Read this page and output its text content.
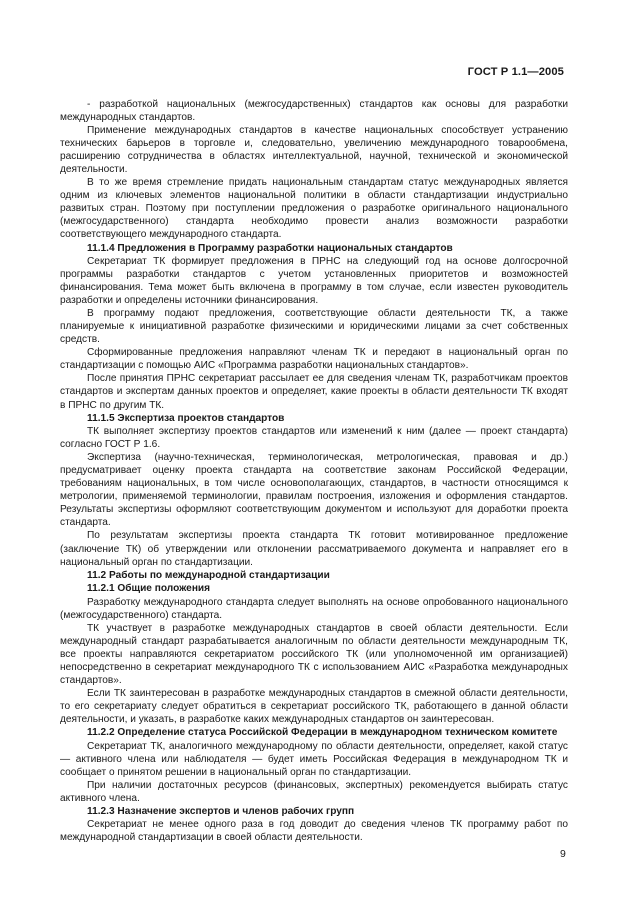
ГОСТ Р 1.1—2005

- разработкой национальных (межгосударственных) стандартов как основы для разработки международных стандартов.

Применение международных стандартов в качестве национальных способствует устранению технических барьеров в торговле и, следовательно, увеличению международного товарообмена, расширению сотрудничества в областях интеллектуальной, научной, технической и экономической деятельности.

В то же время стремление придать национальным стандартам статус международных является одним из ключевых элементов национальной политики в области стандартизации индустриально развитых стран. Поэтому при поступлении предложения о разработке оригинального национального (межгосударственного) стандарта необходимо провести анализ возможности разработки соответствующего международного стандарта.

11.1.4 Предложения в Программу разработки национальных стандартов

Секретариат ТК формирует предложения в ПРНС на следующий год на основе долгосрочной программы разработки стандартов с учетом установленных приоритетов и возможностей финансирования. Тема может быть включена в программу в том случае, если известен руководитель разработки и определены источники финансирования.

В программу подают предложения, соответствующие области деятельности ТК, а также планируемые к инициативной разработке физическими и юридическими лицами за счет собственных средств.

Сформированные предложения направляют членам ТК и передают в национальный орган по стандартизации с помощью АИС «Программа разработки национальных стандартов».

После принятия ПРНС секретариат рассылает ее для сведения членам ТК, разработчикам проектов стандартов и экспертам данных проектов и определяет, какие проекты в области деятельности ТК входят в ПРНС по другим ТК.

11.1.5 Экспертиза проектов стандартов

ТК выполняет экспертизу проектов стандартов или изменений к ним (далее — проект стандарта) согласно ГОСТ Р 1.6.

Экспертиза (научно-техническая, терминологическая, метрологическая, правовая и др.) предусматривает оценку проекта стандарта на соответствие законам Российской Федерации, требованиям национальных, в том числе основополагающих, стандартов, в частности относящимся к метрологии, применяемой терминологии, правилам построения, изложения и оформления стандартов. Результаты экспертизы оформляют соответствующим документом и используют для доработки проекта стандарта.

По результатам экспертизы проекта стандарта ТК готовит мотивированное предложение (заключение ТК) об утверждении или отклонении рассматриваемого документа и направляет его в национальный орган по стандартизации.

11.2 Работы по международной стандартизации
11.2.1 Общие положения

Разработку международного стандарта следует выполнять на основе опробованного национального (межгосударственного) стандарта.

ТК участвует в разработке международных стандартов в своей области деятельности. Если международный стандарт разрабатывается аналогичным по области деятельности международным ТК, все проекты направляются секретариатом российского ТК (или уполномоченной им организацией) непосредственно в секретариат международного ТК с использованием АИС «Разработка международных стандартов».

Если ТК заинтересован в разработке международных стандартов в смежной области деятельности, то его секретариату следует обратиться в секретариат российского ТК, работающего в данной области деятельности, и указать, в разработке каких международных стандартов он заинтересован.

11.2.2 Определение статуса Российской Федерации в международном техническом комитете

Секретариат ТК, аналогичного международному по области деятельности, определяет, какой статус — активного члена или наблюдателя — будет иметь Российская Федерация в международном ТК и сообщает о принятом решении в национальный орган по стандартизации.

При наличии достаточных ресурсов (финансовых, экспертных) рекомендуется выбирать статус активного члена.

11.2.3 Назначение экспертов и членов рабочих групп

Секретариат не менее одного раза в год доводит до сведения членов ТК программу работ по международной стандартизации в своей области деятельности.

9
